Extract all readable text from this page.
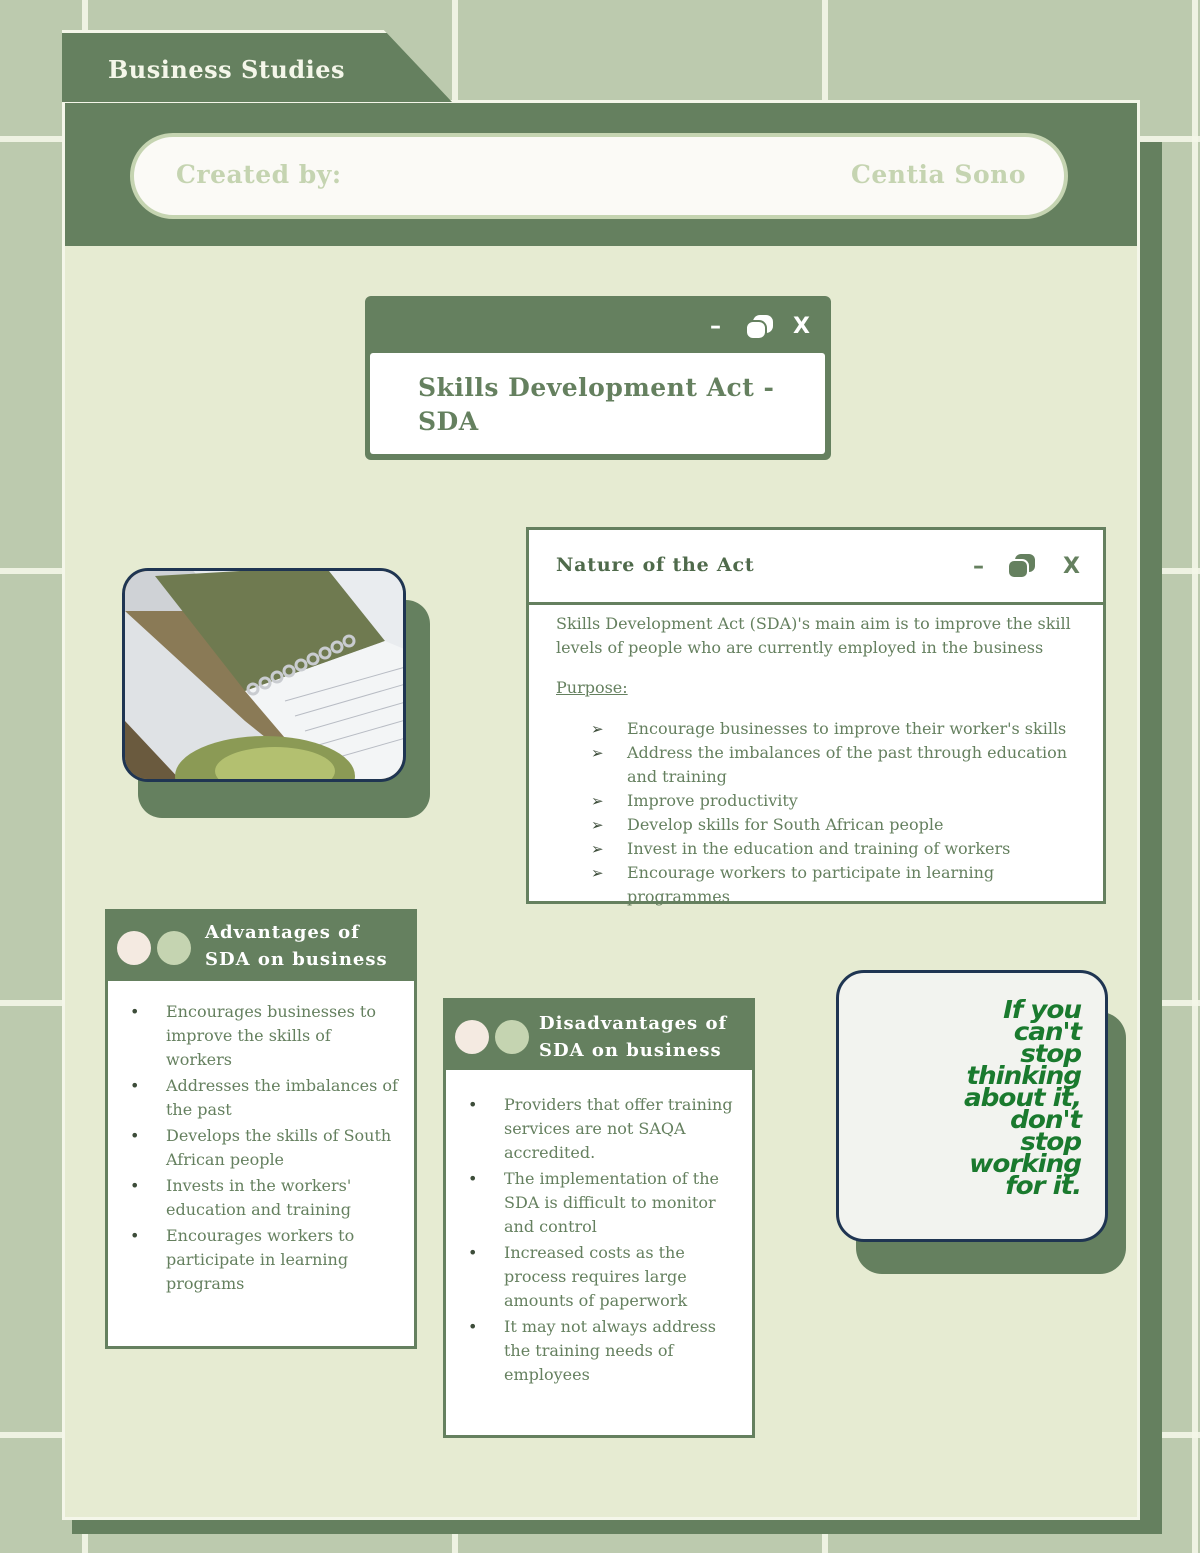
Business Studies
Created by:	Centia Sono
–	X
Skills Development Act - SDA
Nature of the Act	–	X
Skills Development Act (SDA)'s main aim is to improve the skill levels of people who are currently employed in the business
Purpose:
➢ Encourage businesses to improve their worker's skills
➢ Address the imbalances of the past through education and training
➢ Improve productivity
➢ Develop skills for South African people
➢ Invest in the education and training of workers
➢ Encourage workers to participate in learning programmes
Advantages of
SDA on business
• Encourages businesses to improve the skills of workers
• Addresses the imbalances of the past
• Develops the skills of South African people
• Invests in the workers' education and training
• Encourages workers to participate in learning programs
Disadvantages of
SDA on business
• Providers that offer training services are not SAQA accredited.
• The implementation of the SDA is difficult to monitor and control
• Increased costs as the process requires large amounts of paperwork
• It may not always address the training needs of employees
If you
can't
stop
thinking
about it,
don't
stop
working
for it.
